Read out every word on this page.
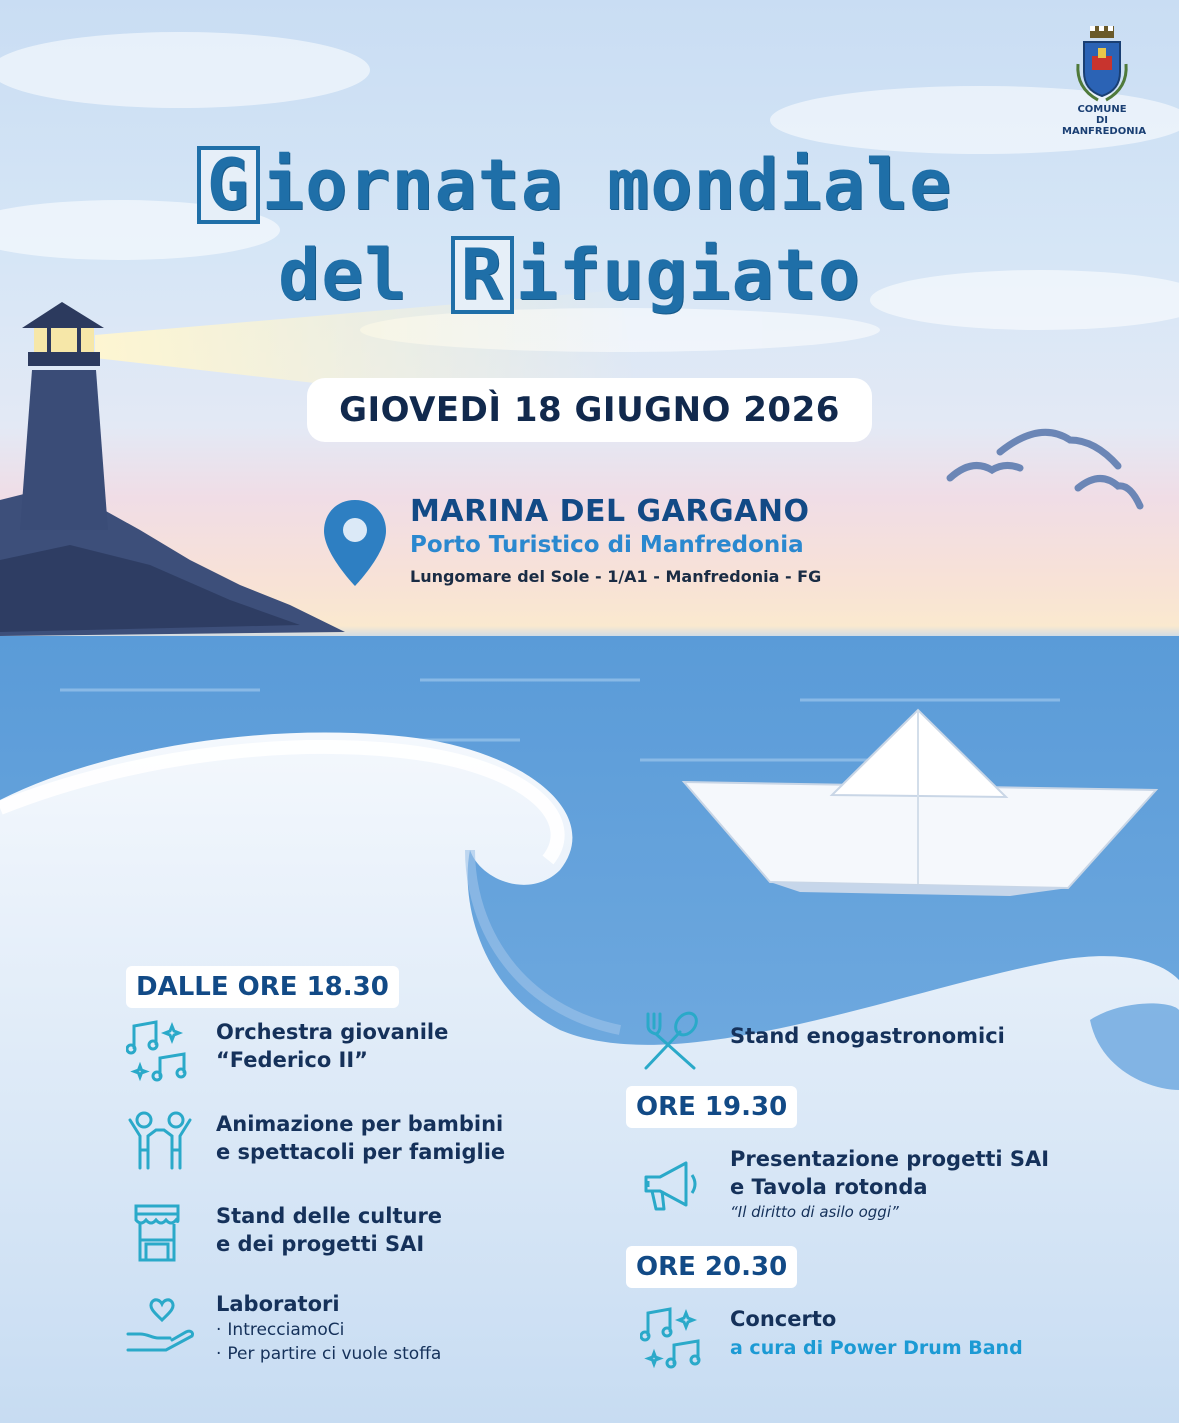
COMUNE
DI MANFREDONIA
G iornata mondiale
del R ifugiato
GIOVEDÌ 18 GIUGNO 2026
MARINA DEL GARGANO
Porto Turistico di Manfredonia
Lungomare del Sole - 1/A1 - Manfredonia - FG
DALLE ORE 18.30
ORE 19.30
ORE 20.30
Orchestra giovanile
“Federico II”
Animazione per bambini
e spettacoli per famiglie
Stand delle culture
e dei progetti SAI
Laboratori
· IntrecciamoCi
· Per partire ci vuole stoffa
Stand enogastronomici
Presentazione progetti SAI
e Tavola rotonda
“Il diritto di asilo oggi”
Concerto
a cura di Power Drum Band
